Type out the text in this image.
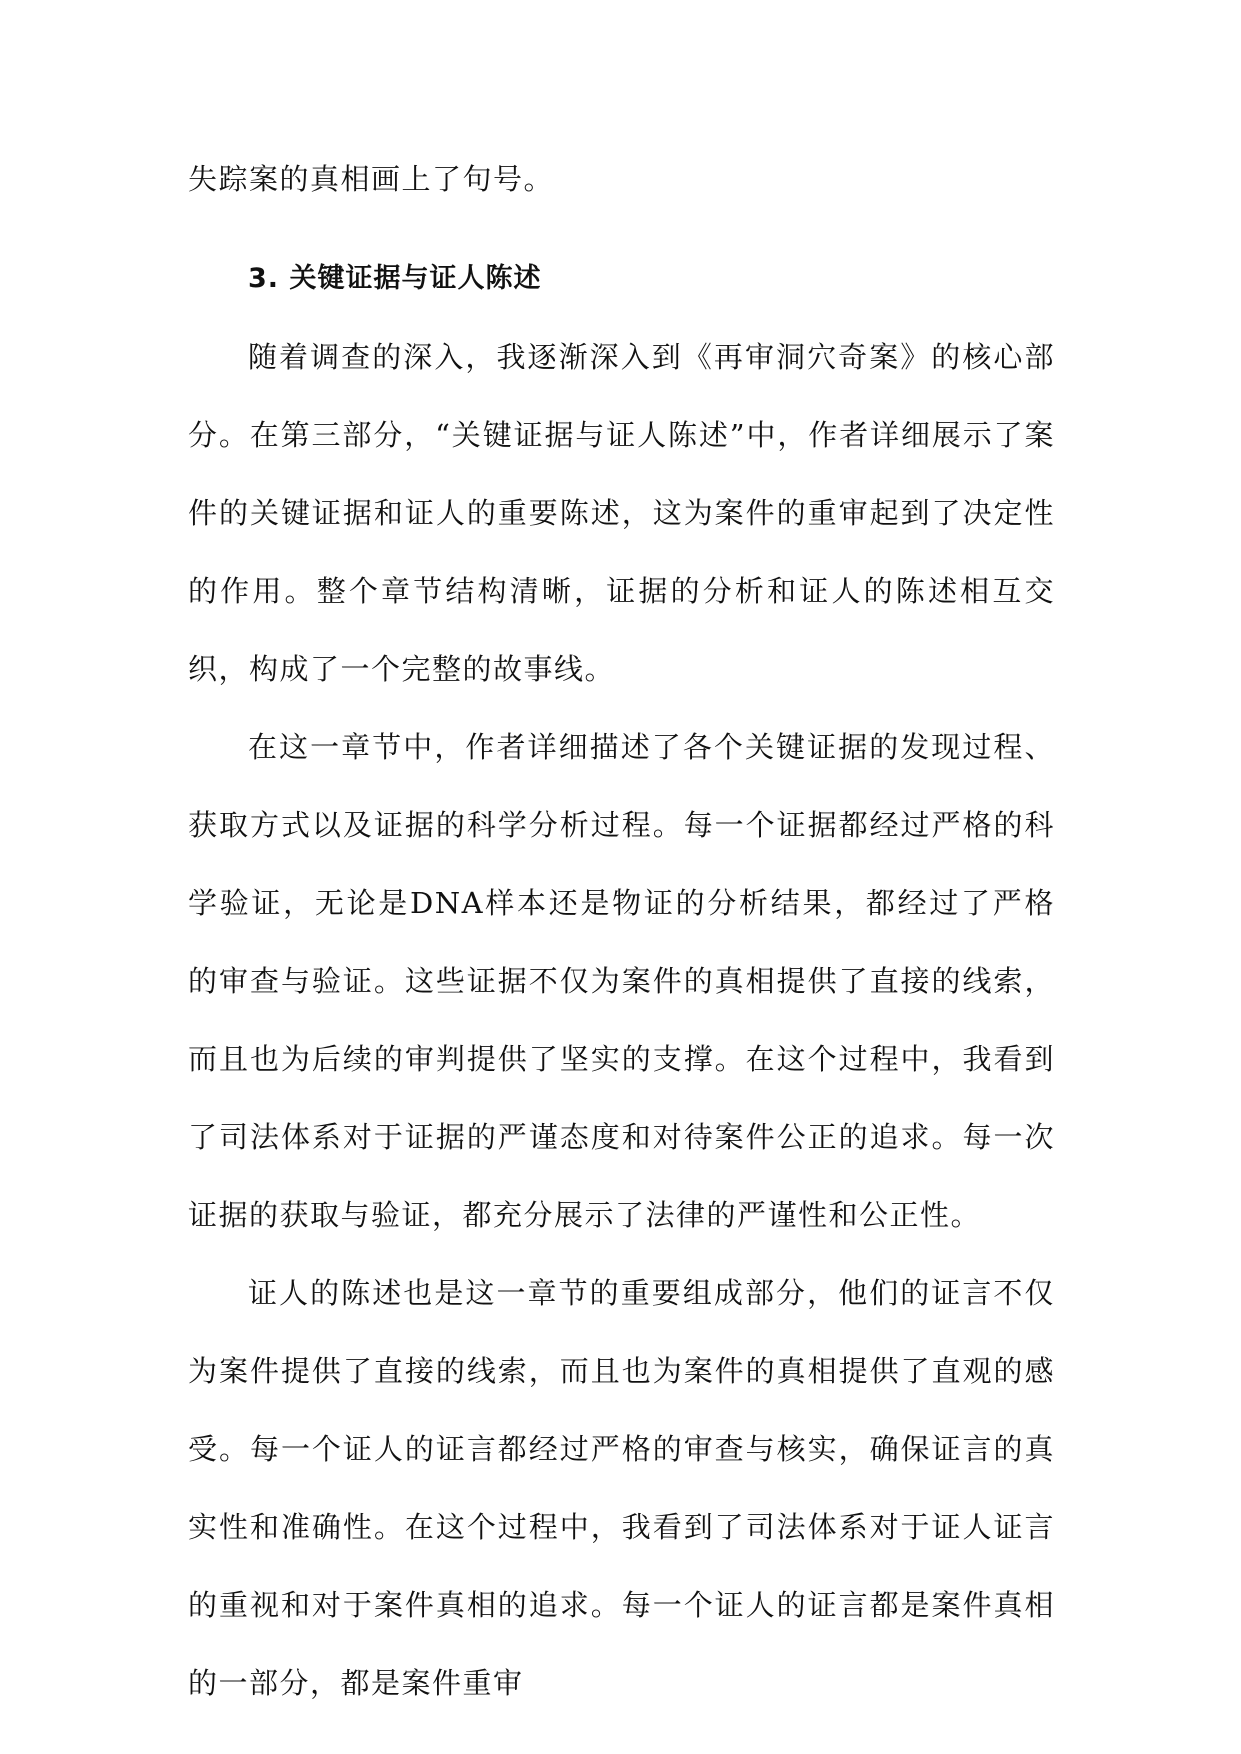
失踪案的真相画上了句号。

3. 关键证据与证人陈述

随着调查的深入，我逐渐深入到《再审洞穴奇案》的核心部分。在第三部分，“关键证据与证人陈述”中，作者详细展示了案件的关键证据和证人的重要陈述，这为案件的重审起到了决定性的作用。整个章节结构清晰，证据的分析和证人的陈述相互交织，构成了一个完整的故事线。

在这一章节中，作者详细描述了各个关键证据的发现过程、获取方式以及证据的科学分析过程。每一个证据都经过严格的科学验证，无论是DNA样本还是物证的分析结果，都经过了严格的审查与验证。这些证据不仅为案件的真相提供了直接的线索，而且也为后续的审判提供了坚实的支撑。在这个过程中，我看到了司法体系对于证据的严谨态度和对待案件公正的追求。每一次证据的获取与验证，都充分展示了法律的严谨性和公正性。

证人的陈述也是这一章节的重要组成部分，他们的证言不仅为案件提供了直接的线索，而且也为案件的真相提供了直观的感受。每一个证人的证言都经过严格的审查与核实，确保证言的真实性和准确性。在这个过程中，我看到了司法体系对于证人证言的重视和对于案件真相的追求。每一个证人的证言都是案件真相的一部分，都是案件重审
